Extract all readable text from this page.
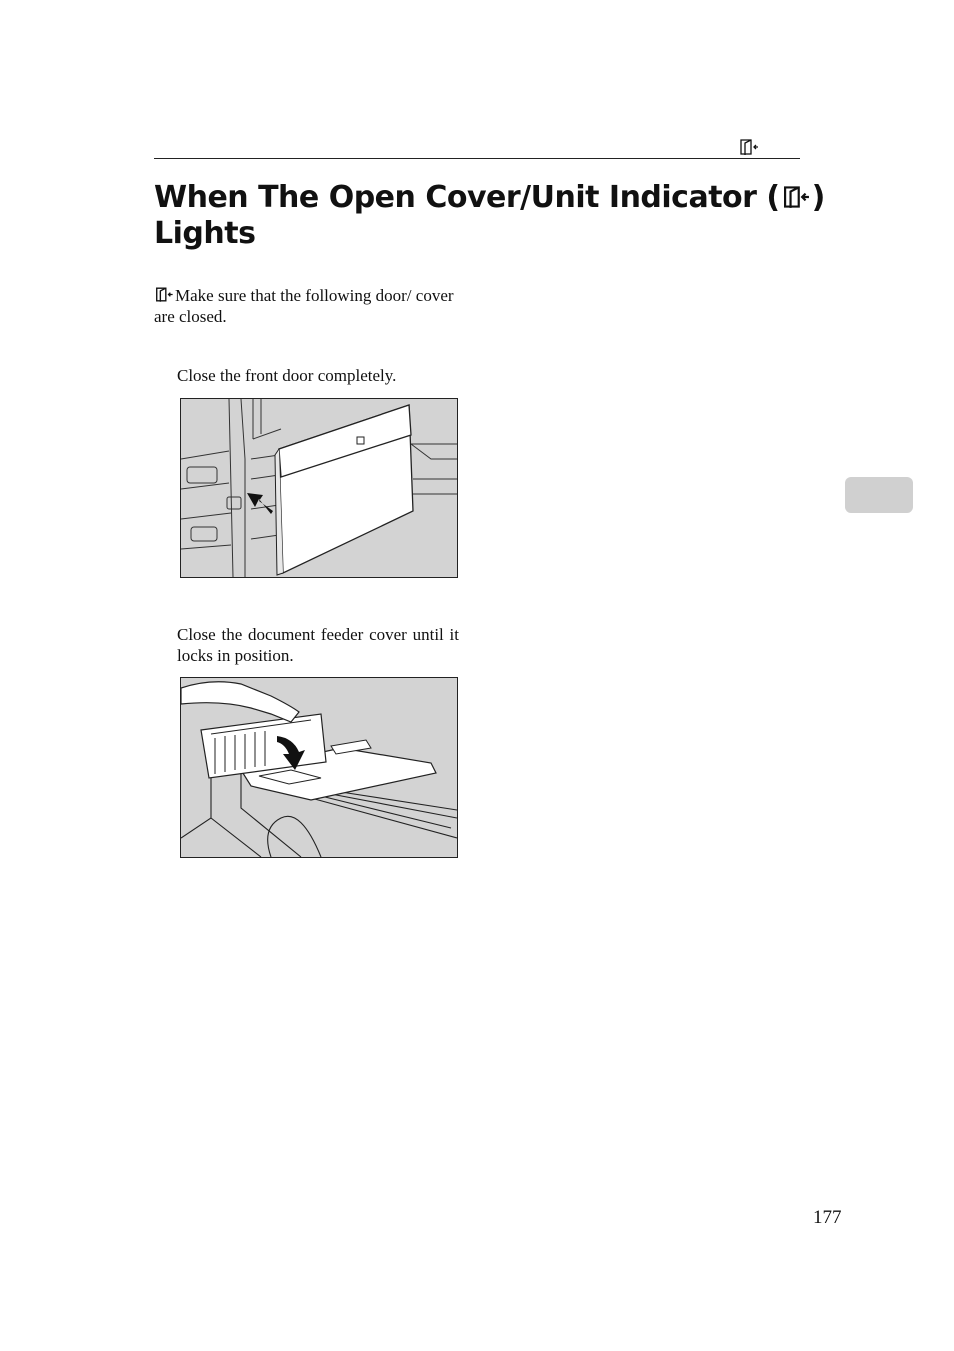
When The Open Cover/Unit Indicator ( ) Lights

Make sure that the following door/ cover are closed.

Close the front door completely.

Close the document feeder cover until it locks in position.

177
